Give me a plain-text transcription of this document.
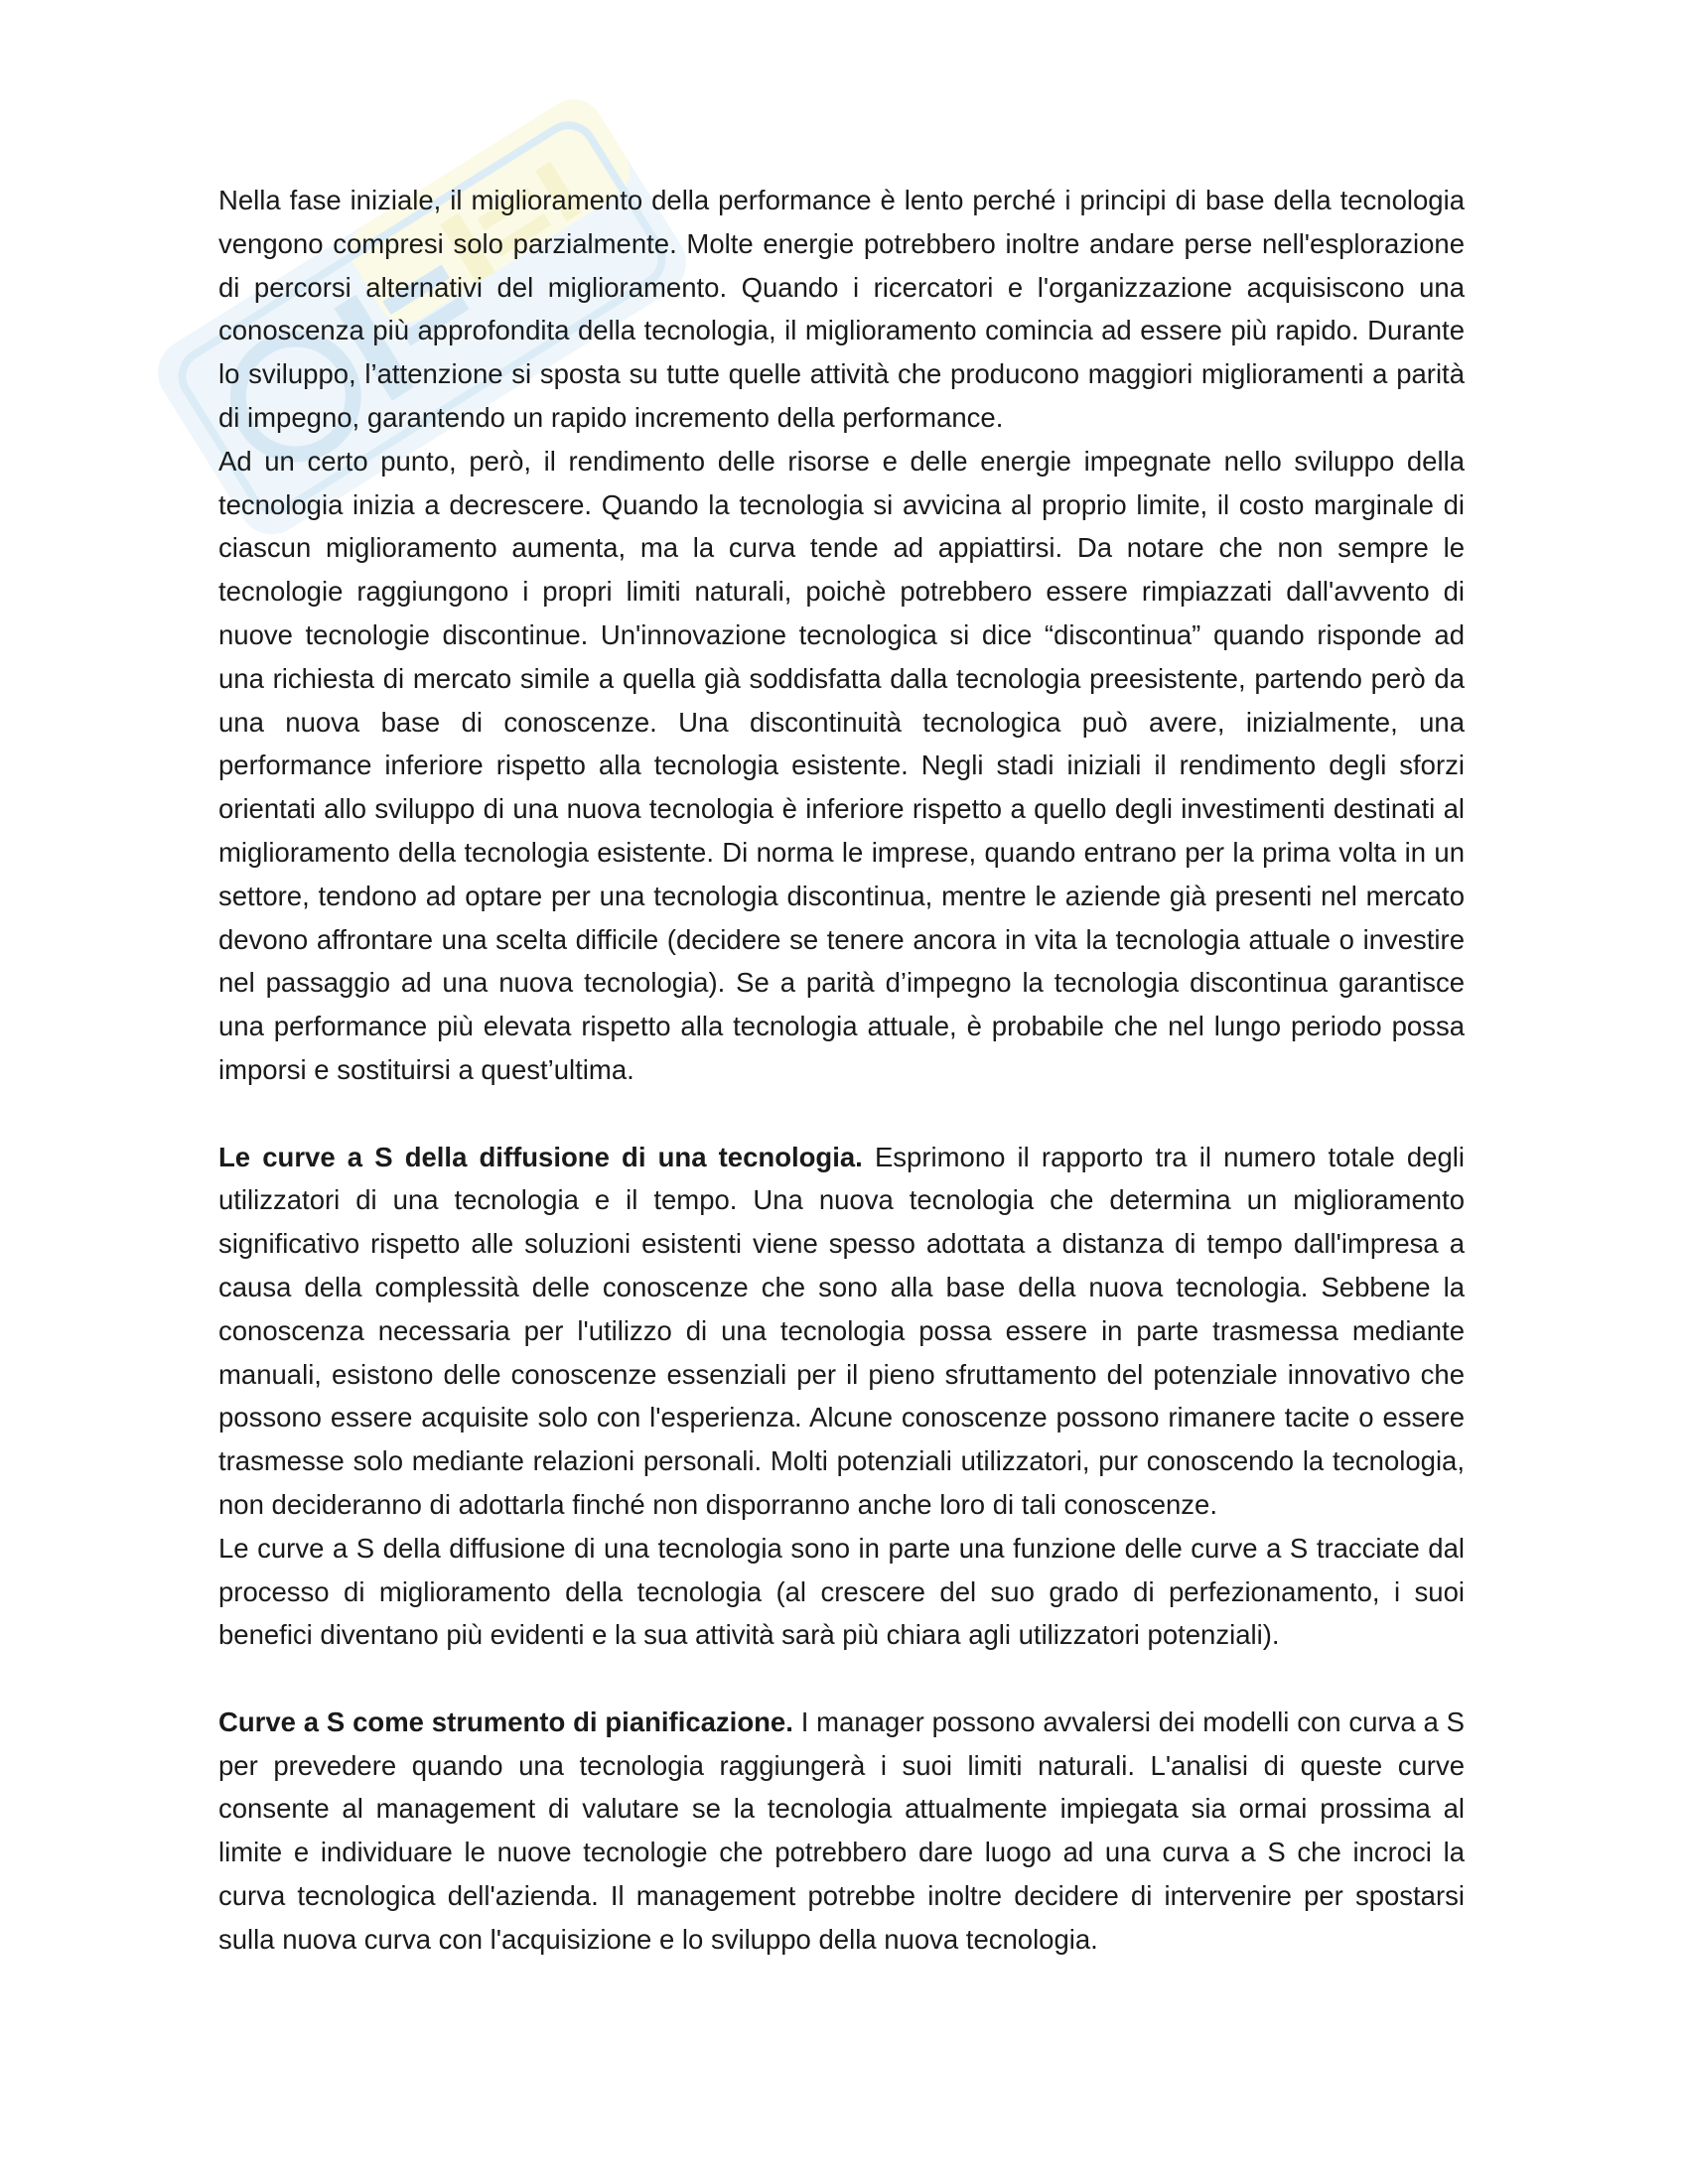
Nella fase iniziale, il miglioramento della performance è lento perché i principi di base della tecnologia vengono compresi solo parzialmente. Molte energie potrebbero inoltre andare perse nell'esplorazione di percorsi alternativi del miglioramento. Quando i ricercatori e l'organizzazione acquisiscono una conoscenza più approfondita della tecnologia, il miglioramento comincia ad essere più rapido. Durante lo sviluppo, l’attenzione si sposta su tutte quelle attività che producono maggiori miglioramenti a parità di impegno, garantendo un rapido incremento della performance.

Ad un certo punto, però, il rendimento delle risorse e delle energie impegnate nello sviluppo della tecnologia inizia a decrescere. Quando la tecnologia si avvicina al proprio limite, il costo marginale di ciascun miglioramento aumenta, ma la curva tende ad appiattirsi. Da notare che non sempre le tecnologie raggiungono i propri limiti naturali, poichè potrebbero essere rimpiazzati dall'avvento di nuove tecnologie discontinue. Un'innovazione tecnologica si dice “discontinua” quando risponde ad una richiesta di mercato simile a quella già soddisfatta dalla tecnologia preesistente, partendo però da una nuova base di conoscenze. Una discontinuità tecnologica può avere, inizialmente, una performance inferiore rispetto alla tecnologia esistente. Negli stadi iniziali il rendimento degli sforzi orientati allo sviluppo di una nuova tecnologia è inferiore rispetto a quello degli investimenti destinati al miglioramento della tecnologia esistente. Di norma le imprese, quando entrano per la prima volta in un settore, tendono ad optare per una tecnologia discontinua, mentre le aziende già presenti nel mercato devono affrontare una scelta difficile (decidere se tenere ancora in vita la tecnologia attuale o investire nel passaggio ad una nuova tecnologia). Se a parità d’impegno la tecnologia discontinua garantisce una performance più elevata rispetto alla tecnologia attuale, è probabile che nel lungo periodo possa imporsi e sostituirsi a quest’ultima.

Le curve a S della diffusione di una tecnologia. Esprimono il rapporto tra il numero totale degli utilizzatori di una tecnologia e il tempo. Una nuova tecnologia che determina un miglioramento significativo rispetto alle soluzioni esistenti viene spesso adottata a distanza di tempo dall'impresa a causa della complessità delle conoscenze che sono alla base della nuova tecnologia. Sebbene la conoscenza necessaria per l'utilizzo di una tecnologia possa essere in parte trasmessa mediante manuali, esistono delle conoscenze essenziali per il pieno sfruttamento del potenziale innovativo che possono essere acquisite solo con l'esperienza. Alcune conoscenze possono rimanere tacite o essere trasmesse solo mediante relazioni personali. Molti potenziali utilizzatori, pur conoscendo la tecnologia, non decideranno di adottarla finché non disporranno anche loro di tali conoscenze.

Le curve a S della diffusione di una tecnologia sono in parte una funzione delle curve a S tracciate dal processo di miglioramento della tecnologia (al crescere del suo grado di perfezionamento, i suoi benefici diventano più evidenti e la sua attività sarà più chiara agli utilizzatori potenziali).

Curve a S come strumento di pianificazione. I manager possono avvalersi dei modelli con curva a S per prevedere quando una tecnologia raggiungerà i suoi limiti naturali. L'analisi di queste curve consente al management di valutare se la tecnologia attualmente impiegata sia ormai prossima al limite e individuare le nuove tecnologie che potrebbero dare luogo ad una curva a S che incroci la curva tecnologica dell'azienda. Il management potrebbe inoltre decidere di intervenire per spostarsi sulla nuova curva con l'acquisizione e lo sviluppo della nuova tecnologia.
